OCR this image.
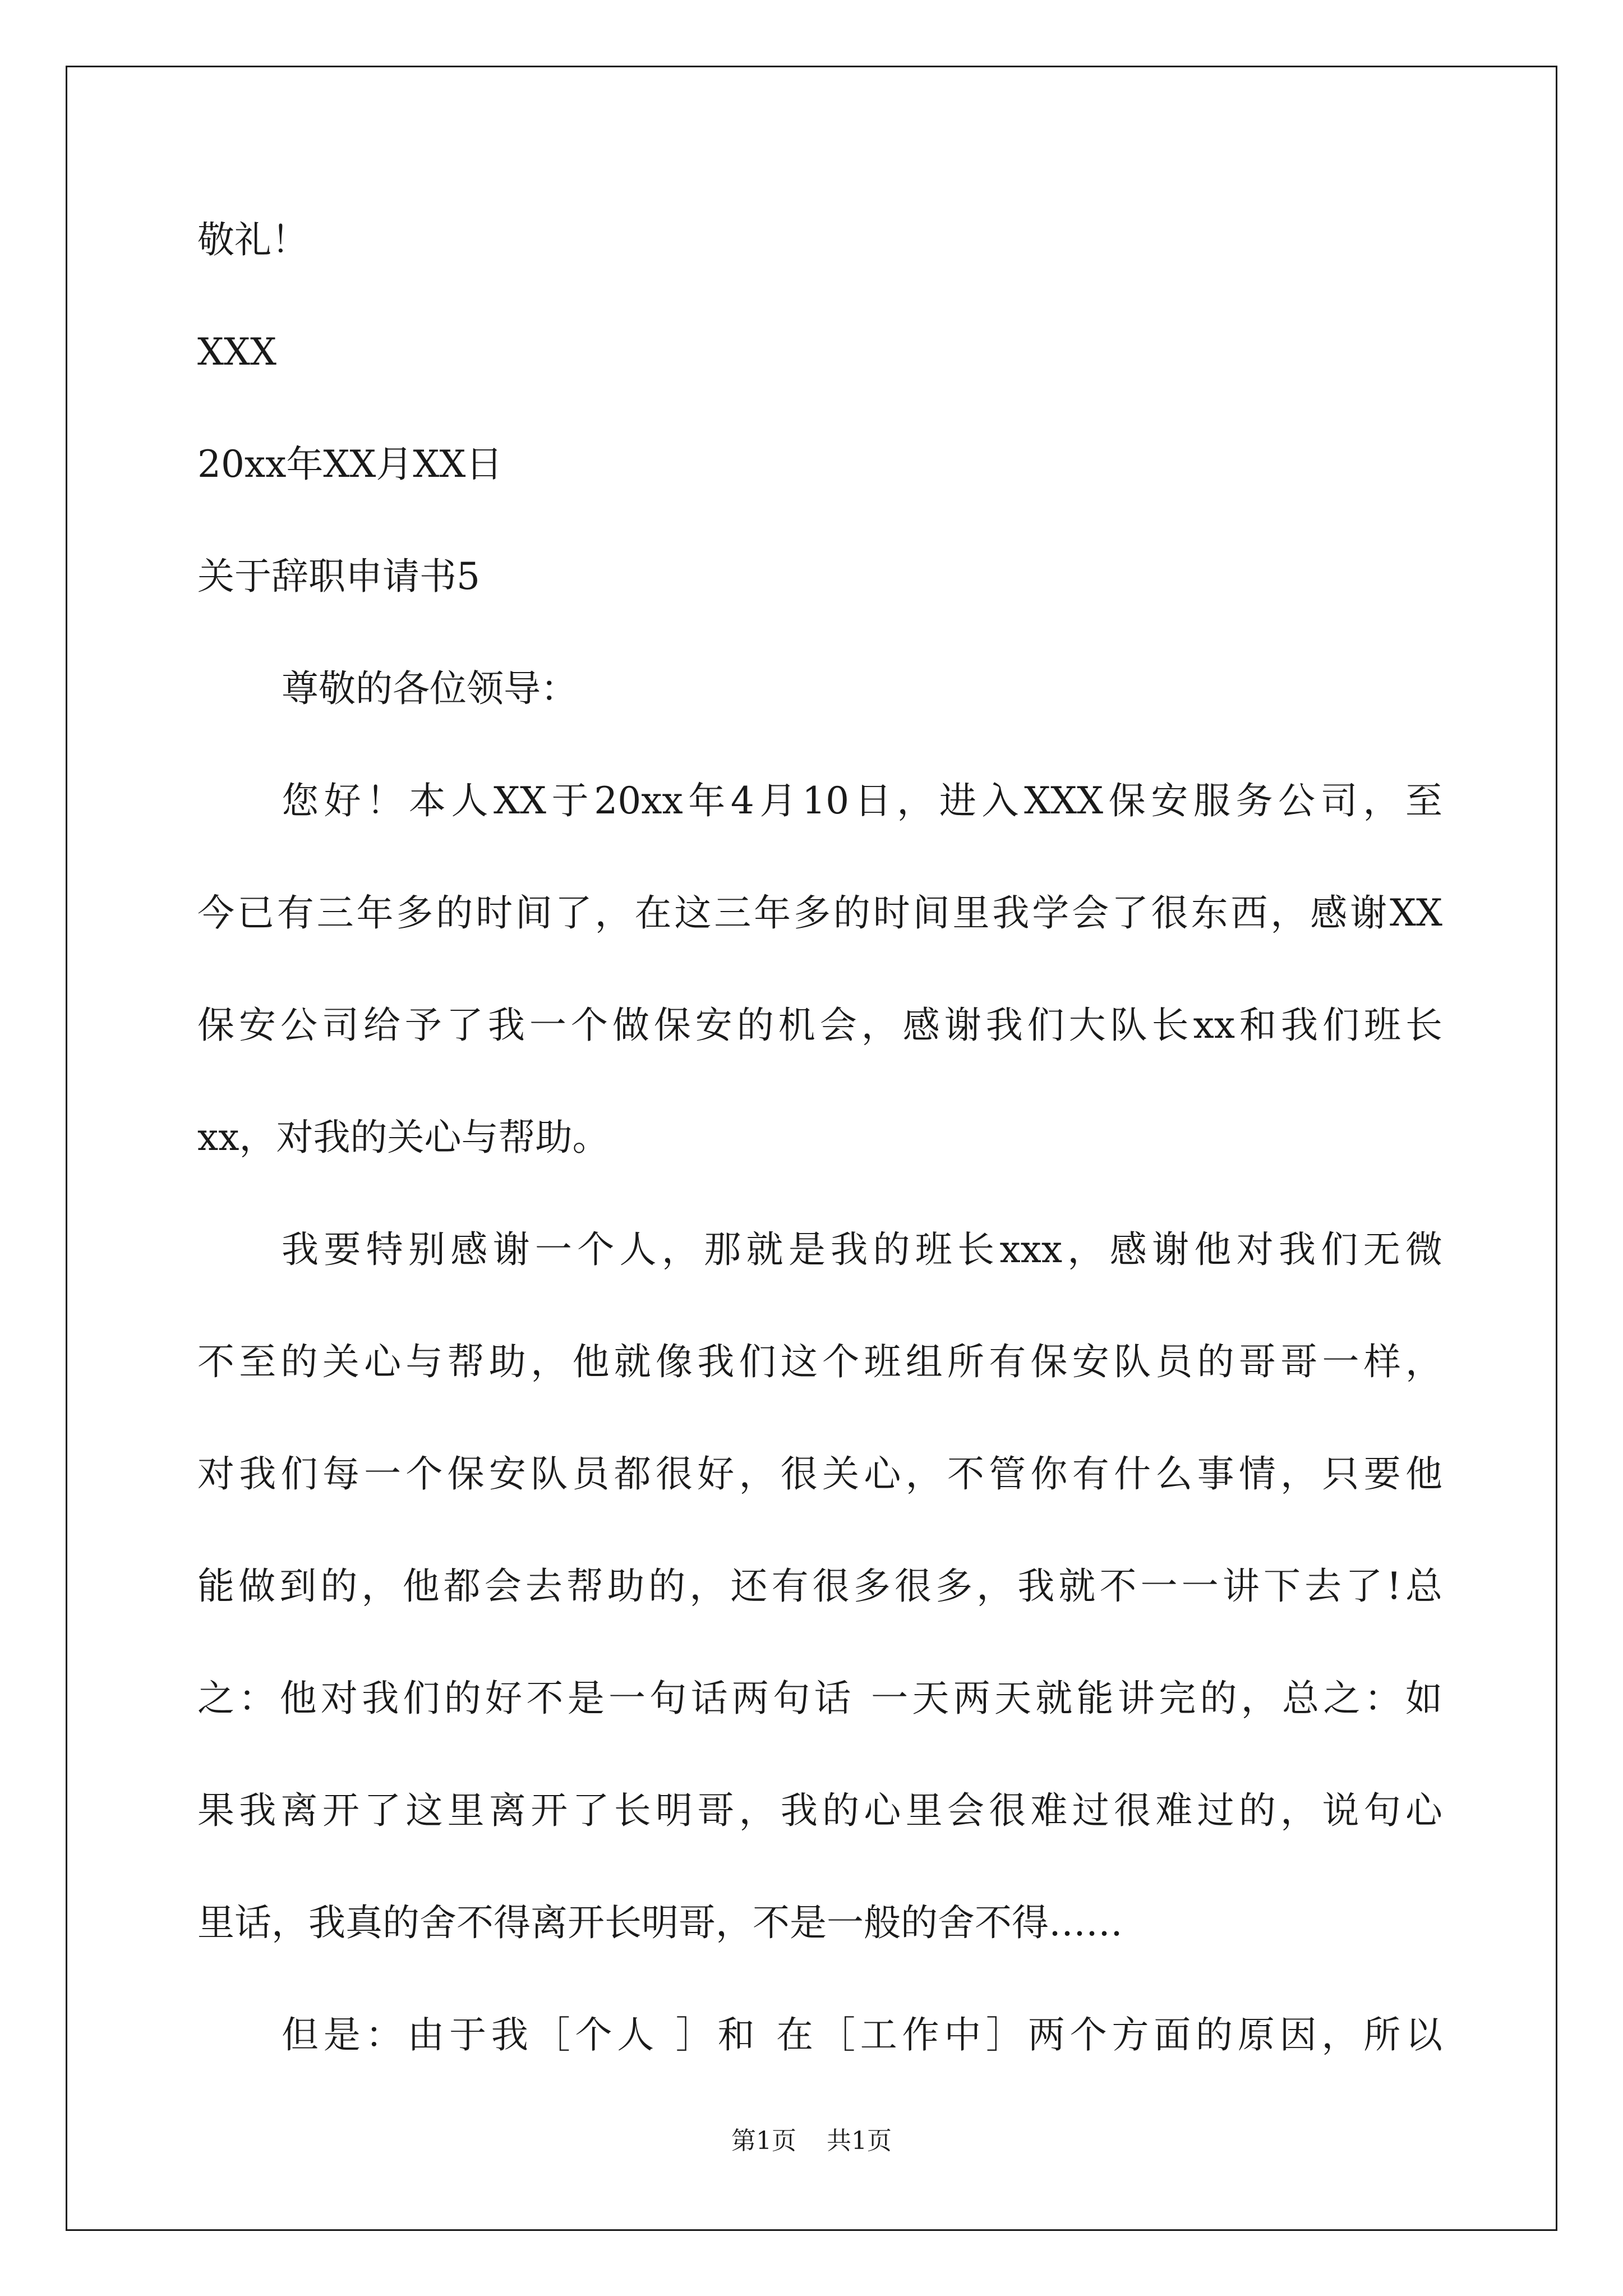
敬礼！

XXX

20xx年XX月XX日

关于辞职申请书5

尊敬的各位领导：

您好！本人XX于20xx年4月10日，进入XXX保安服务公司，至

今已有三年多的时间了，在这三年多的时间里我学会了很东西，感谢XX

保安公司给予了我一个做保安的机会，感谢我们大队长xx和我们班长

xx，对我的关心与帮助。

我要特别感谢一个人，那就是我的班长xxx，感谢他对我们无微

不至的关心与帮助，他就像我们这个班组所有保安队员的哥哥一样，

对我们每一个保安队员都很好，很关心，不管你有什么事情，只要他

能做到的，他都会去帮助的，还有很多很多，我就不一一讲下去了!总

之：他对我们的好不是一句话两句话 一天两天就能讲完的，总之：如

果我离开了这里离开了长明哥，我的心里会很难过很难过的，说句心

里话，我真的舍不得离开长明哥，不是一般的舍不得……

但是：由于我［个人 ］和 在［工作中］两个方面的原因，所以

第1页 共1页
